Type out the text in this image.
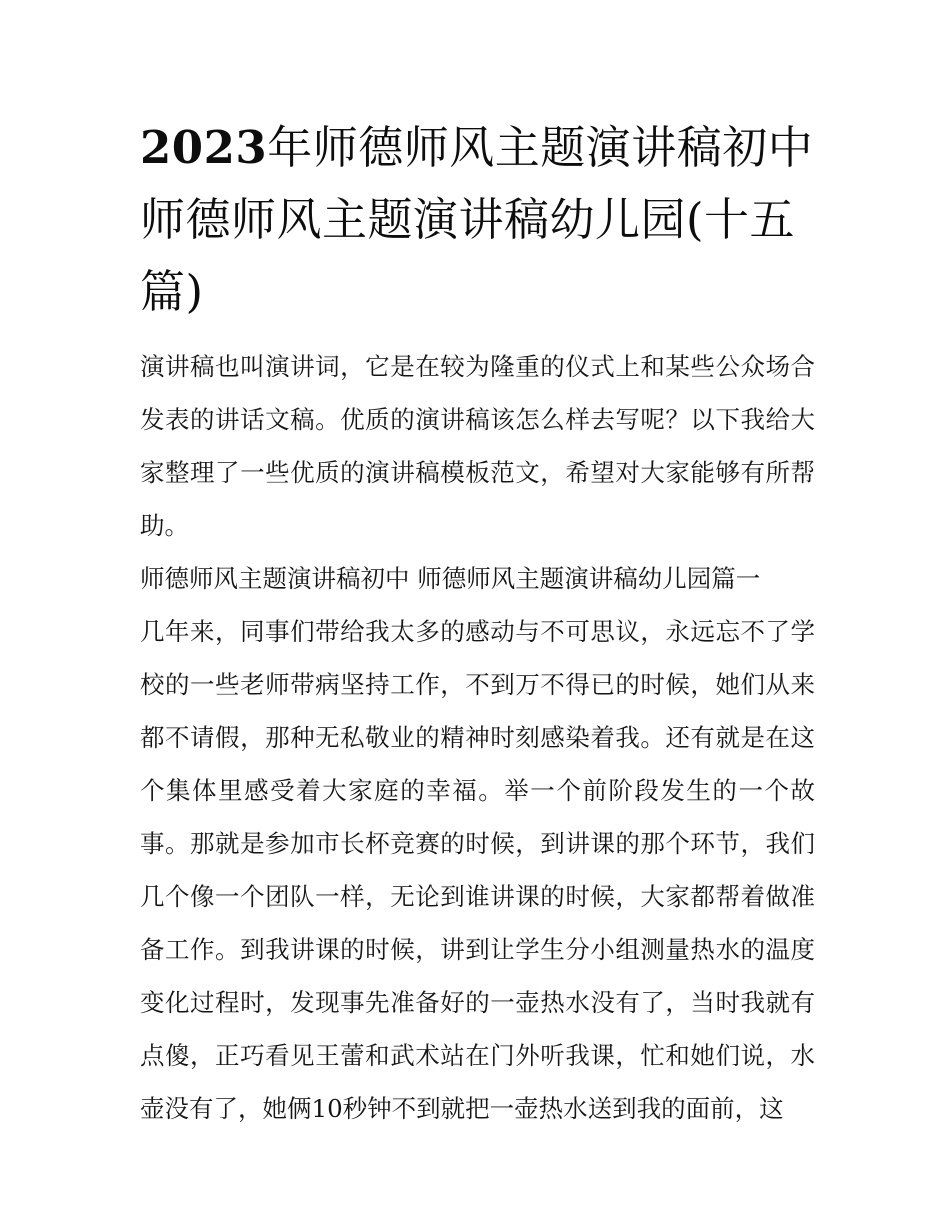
2023年师德师风主题演讲稿初中 师德师风主题演讲稿幼儿园(十五篇)

演讲稿也叫演讲词，它是在较为隆重的仪式上和某些公众场合发表的讲话文稿。优质的演讲稿该怎么样去写呢？以下我给大家整理了一些优质的演讲稿模板范文，希望对大家能够有所帮助。

师德师风主题演讲稿初中 师德师风主题演讲稿幼儿园篇一

几年来，同事们带给我太多的感动与不可思议，永远忘不了学校的一些老师带病坚持工作，不到万不得已的时候，她们从来都不请假，那种无私敬业的精神时刻感染着我。还有就是在这个集体里感受着大家庭的幸福。举一个前阶段发生的一个故事。那就是参加市长杯竞赛的时候，到讲课的那个环节，我们几个像一个团队一样，无论到谁讲课的时候，大家都帮着做准备工作。到我讲课的时候，讲到让学生分小组测量热水的温度变化过程时，发现事先准备好的一壶热水没有了，当时我就有点傻，正巧看见王蕾和武术站在门外听我课，忙和她们说，水壶没有了，她俩10秒钟不到就把一壶热水送到我的面前，这
